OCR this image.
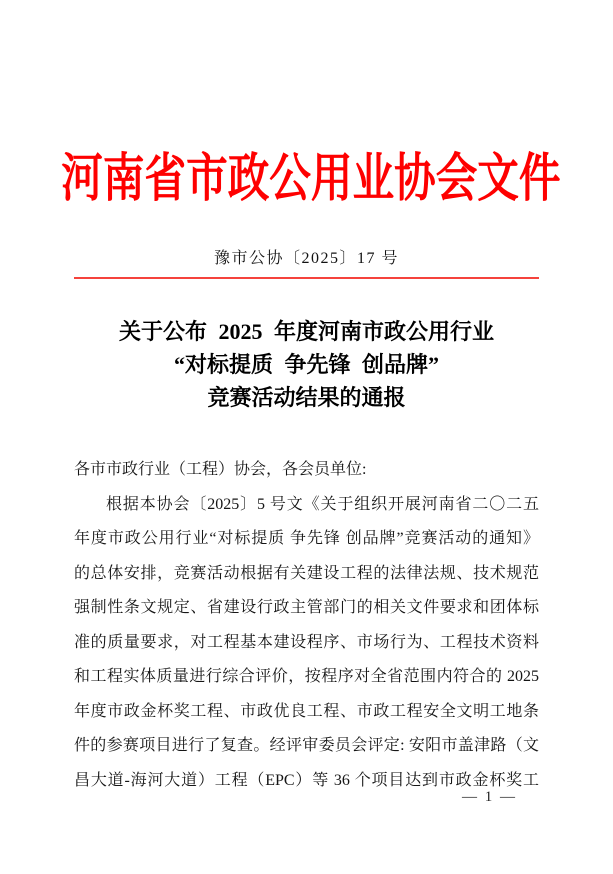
河南省市政公用业协会文件
豫市公协〔2025〕17 号
关于公布 2025 年度河南市政公用行业
“对标提质 争先锋 创品牌”
竞赛活动结果的通报
各市市政行业（工程）协会，各会员单位:
根据本协会〔2025〕5 号文《关于组织开展河南省二〇二五
年度市政公用行业“对标提质 争先锋 创品牌”竞赛活动的通知》
的总体安排，竞赛活动根据有关建设工程的法律法规、技术规范
强制性条文规定、省建设行政主管部门的相关文件要求和团体标
准的质量要求，对工程基本建设程序、市场行为、工程技术资料
和工程实体质量进行综合评价，按程序对全省范围内符合的 2025
年度市政金杯奖工程、市政优良工程、市政工程安全文明工地条
件的参赛项目进行了复查。经评审委员会评定: 安阳市盖津路（文
昌大道-海河大道）工程（EPC）等 36 个项目达到市政金杯奖工
— 1 —
